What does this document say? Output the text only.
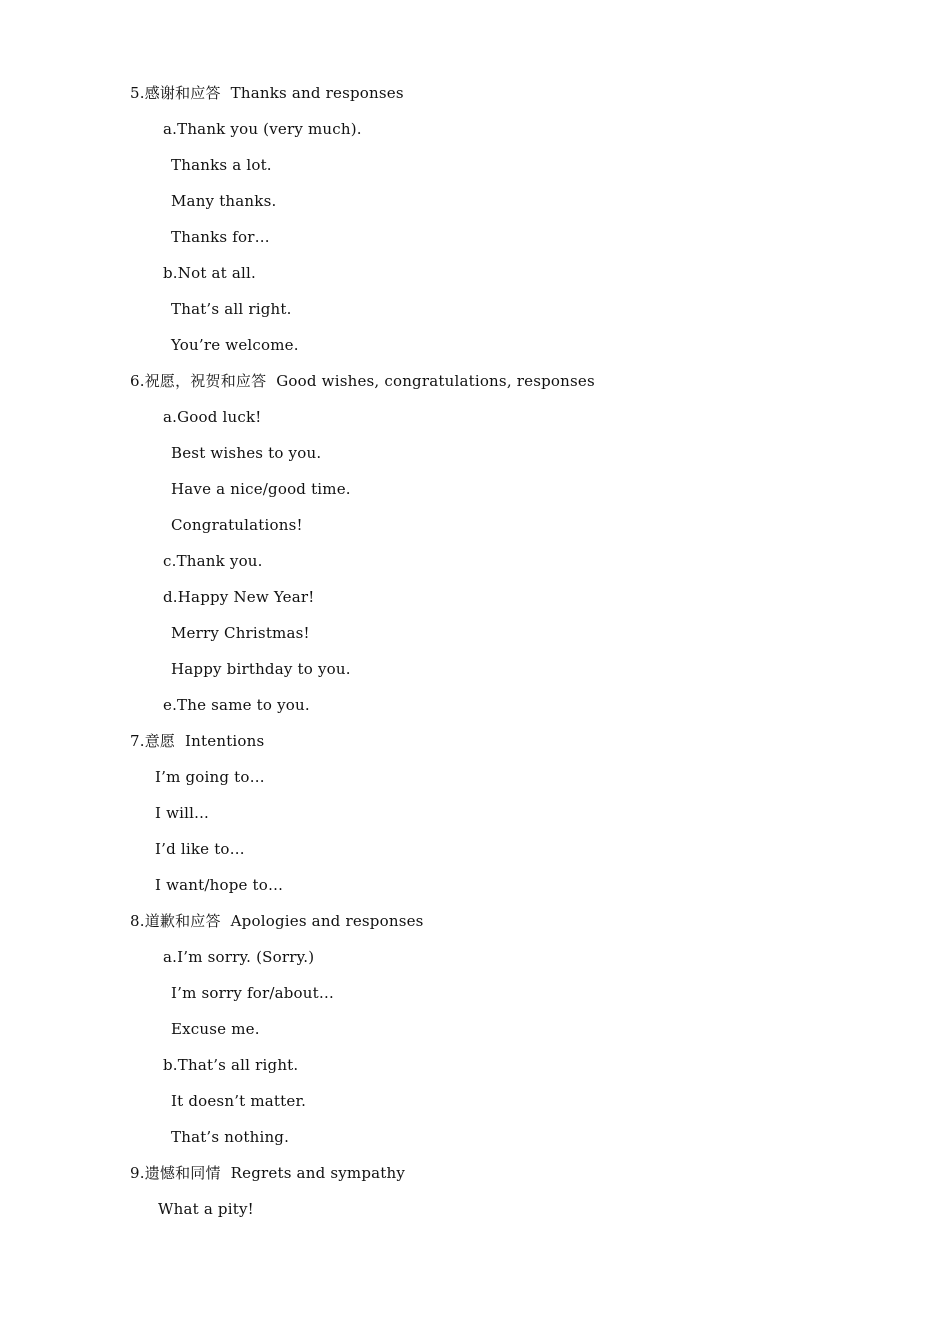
5.感谢和应答  Thanks and responses
a.Thank you (very much).
Thanks a lot.
Many thanks.
Thanks for…
b.Not at all.
That’s all right.
You’re welcome.
6.祝愿，祝贺和应答  Good wishes, congratulations, responses
a.Good luck!
Best wishes to you.
Have a nice/good time.
Congratulations!
c.Thank you.
d.Happy New Year!
Merry Christmas!
Happy birthday to you.
e.The same to you.
7.意愿  Intentions
I’m going to…
I will...
I’d like to…
I want/hope to…
8.道歉和应答  Apologies and responses
a.I’m sorry. (Sorry.)
I’m sorry for/about…
Excuse me.
b.That’s all right.
It doesn’t matter.
That’s nothing.
9.遗憾和同情  Regrets and sympathy
What a pity!
